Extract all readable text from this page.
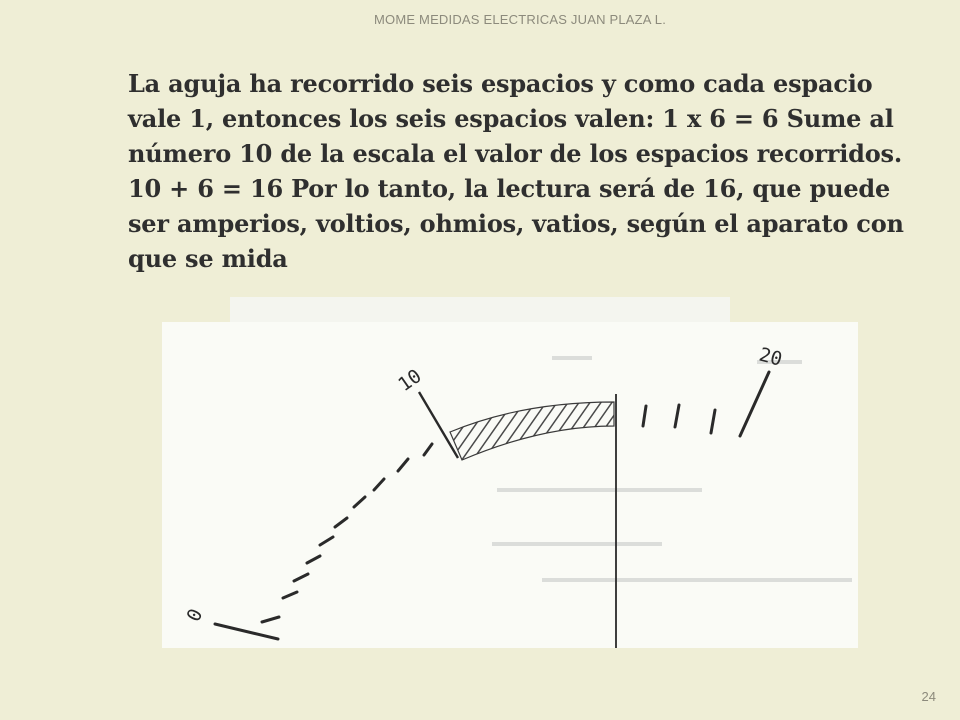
MOME MEDIDAS ELECTRICAS JUAN PLAZA L.
La aguja ha recorrido seis espacios y como cada espacio vale 1, entonces los seis espacios valen: 1 x 6 = 6 Sume al número 10 de la escala el valor de los espacios recorridos. 10 + 6 = 16 Por lo tanto, la lectura será de 16, que puede ser amperios, voltios, ohmios, vatios, según el aparato con que se mida
0
10
20
24
